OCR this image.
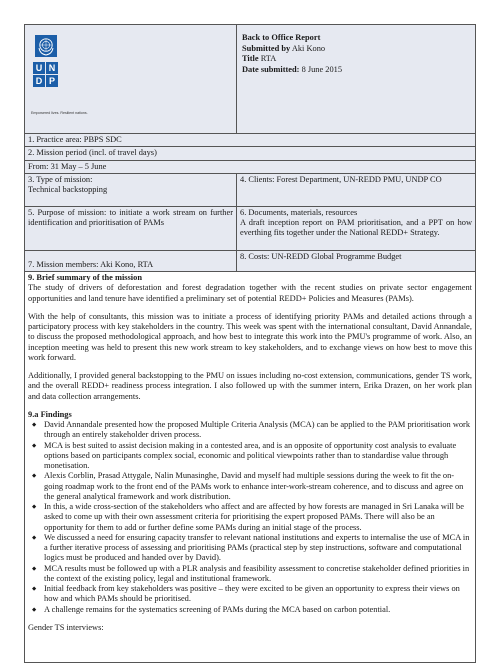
U N
D P
Empowered lives. Resilient nations.
Back to Office Report
Submitted by Aki Kono
Title RTA
Date submitted: 8 June 2015
1. Practice area: PBPS SDC
2. Mission period (incl. of travel days)
From: 31 May – 5 June
3. Type of mission:
Technical backstopping
4. Clients: Forest Department, UN-REDD PMU, UNDP CO
5. Purpose of mission: to initiate a work stream on further identification and prioritisation of PAMs
7. Mission members: Aki Kono, RTA
6. Documents, materials, resources
A draft inception report on PAM prioritisation, and a PPT on how everthing fits together under the National REDD+ Strategy.
8. Costs: UN-REDD Global Programme Budget
9. Brief summary of the mission

The study of drivers of deforestation and forest degradation together with the recent studies on private sector engagement opportunities and land tenure have identified a preliminary set of potential REDD+ Policies and Measures (PAMs).

With the help of consultants, this mission was to initiate a process of identifying priority PAMs and detailed actions through a participatory process with key stakeholders in the country. This week was spent with the international consultant, David Annandale, to discuss the proposed methodological approach, and how best to integrate this work into the PMU's programme of work. Also, an inception meeting was held to present this new work stream to key stakeholders, and to exchange views on how best to move this work forward.

Additionally, I provided general backstopping to the PMU on issues including no-cost extension, communications, gender TS work, and the overall REDD+ readiness process integration. I also followed up with the summer intern, Erika Drazen, on her work plan and data collection arrangements.

9.a Findings
◆ David Annandale presented how the proposed Multiple Criteria Analysis (MCA) can be applied to the PAM prioritisation work through an entirely stakeholder driven process.
◆ MCA is best suited to assist decision making in a contested area, and is an opposite of opportunity cost analysis to evaluate options based on participants complex social, economic and political viewpoints rather than to standardise value through monetisation.
◆ Alexis Corblin, Prasad Attygale, Nalin Munasinghe, David and myself had multiple sessions during the week to fit the on-going roadmap work to the front end of the PAMs work to enhance inter-work-stream coherence, and to discuss and agree on the general analytical framework and work distribution.
◆ In this, a wide cross-section of the stakeholders who affect and are affected by how forests are managed in Sri Lanaka will be asked to come up with their own assessment criteria for prioritising the expert proposed PAMs. There will also be an opportunity for them to add or further define some PAMs during an initial stage of the process.
◆ We discussed a need for ensuring capacity transfer to relevant national institutions and experts to internalise the use of MCA in a further iterative process of assessing and prioritising PAMs (practical step by step instructions, software and computational logics must be produced and handed over by David).
◆ MCA results must be followed up with a PLR analysis and feasibility assessment to concretise stakeholder defined priorities in the context of the existing policy, legal and institutional framework.
◆ Initial feedback from key stakeholders was positive – they were excited to be given an opportunity to express their views on how and which PAMs should be prioritised.
◆ A challenge remains for the systematics screening of PAMs during the MCA based on carbon potential.
Gender TS interviews:
